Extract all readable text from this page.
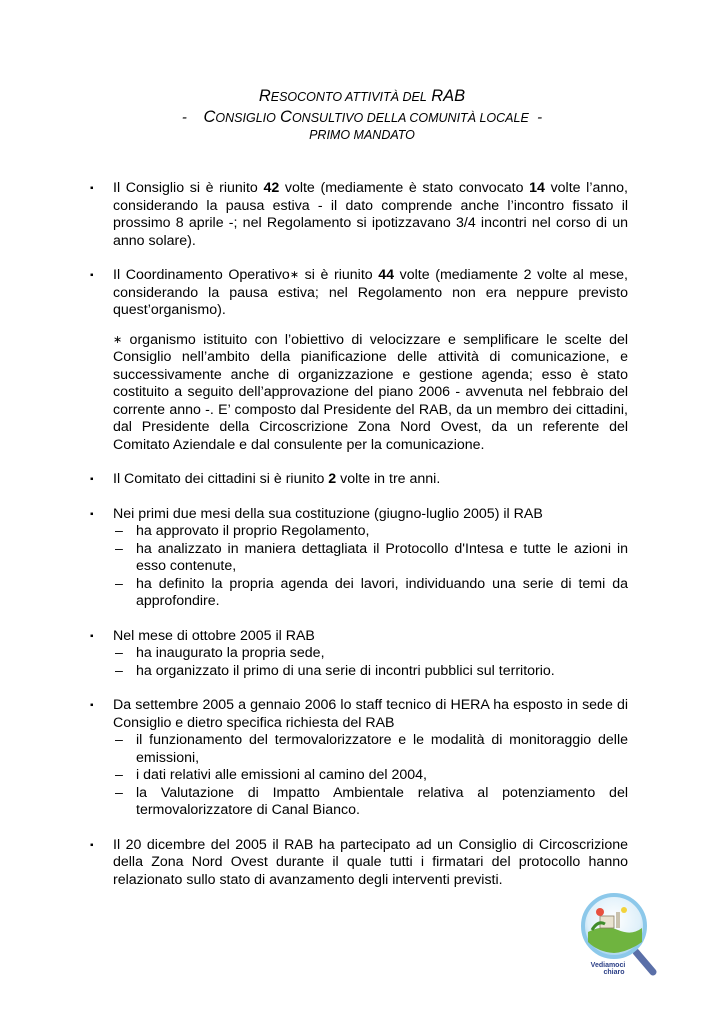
RESOCONTO ATTIVITÀ DEL RAB
-    CONSIGLIO CONSULTIVO DELLA COMUNITÀ LOCALE  -
PRIMO MANDATO
▪ Il Consiglio si è riunito 42 volte (mediamente è stato convocato 14 volte l’anno, considerando la pausa estiva - il dato comprende anche l’incontro fissato il prossimo 8 aprile -; nel Regolamento si ipotizzavano 3/4 incontri nel corso di un anno solare).
▪ Il Coordinamento Operativo∗ si è riunito 44 volte (mediamente 2 volte al mese, considerando la pausa estiva; nel Regolamento non era neppure previsto quest’organismo).
∗ organismo istituito con l’obiettivo di velocizzare e semplificare le scelte del Consiglio nell’ambito della pianificazione delle attività di comunicazione, e successivamente anche di organizzazione e gestione agenda; esso è stato costituito a seguito dell’approvazione del piano 2006 - avvenuta nel febbraio del corrente anno -. E’ composto dal Presidente del RAB, da un membro dei cittadini, dal Presidente della Circoscrizione Zona Nord Ovest, da un referente del Comitato Aziendale e dal consulente per la comunicazione.
▪ Il Comitato dei cittadini si è riunito 2 volte in tre anni.
▪ Nei primi due mesi della sua costituzione (giugno-luglio 2005) il RAB
– ha approvato il proprio Regolamento,
– ha analizzato in maniera dettagliata il Protocollo d'Intesa e tutte le azioni in esso contenute,
– ha definito la propria agenda dei lavori, individuando una serie di temi da approfondire.
▪ Nel mese di ottobre 2005 il RAB
– ha inaugurato la propria sede,
– ha organizzato il primo di una serie di incontri pubblici sul territorio.
▪ Da settembre 2005 a gennaio 2006 lo staff tecnico di HERA ha esposto in sede di Consiglio e dietro specifica richiesta del RAB
– il funzionamento del termovalorizzatore e le modalità di monitoraggio delle emissioni,
– i dati relativi alle emissioni al camino del 2004,
– la Valutazione di Impatto Ambientale relativa al potenziamento del termovalorizzatore di Canal Bianco.
▪ Il 20 dicembre del 2005 il RAB ha partecipato ad un Consiglio di Circoscrizione della Zona Nord Ovest durante il quale tutti i firmatari del protocollo hanno relazionato sullo stato di avanzamento degli interventi previsti.
Vediamoci
chiaro
